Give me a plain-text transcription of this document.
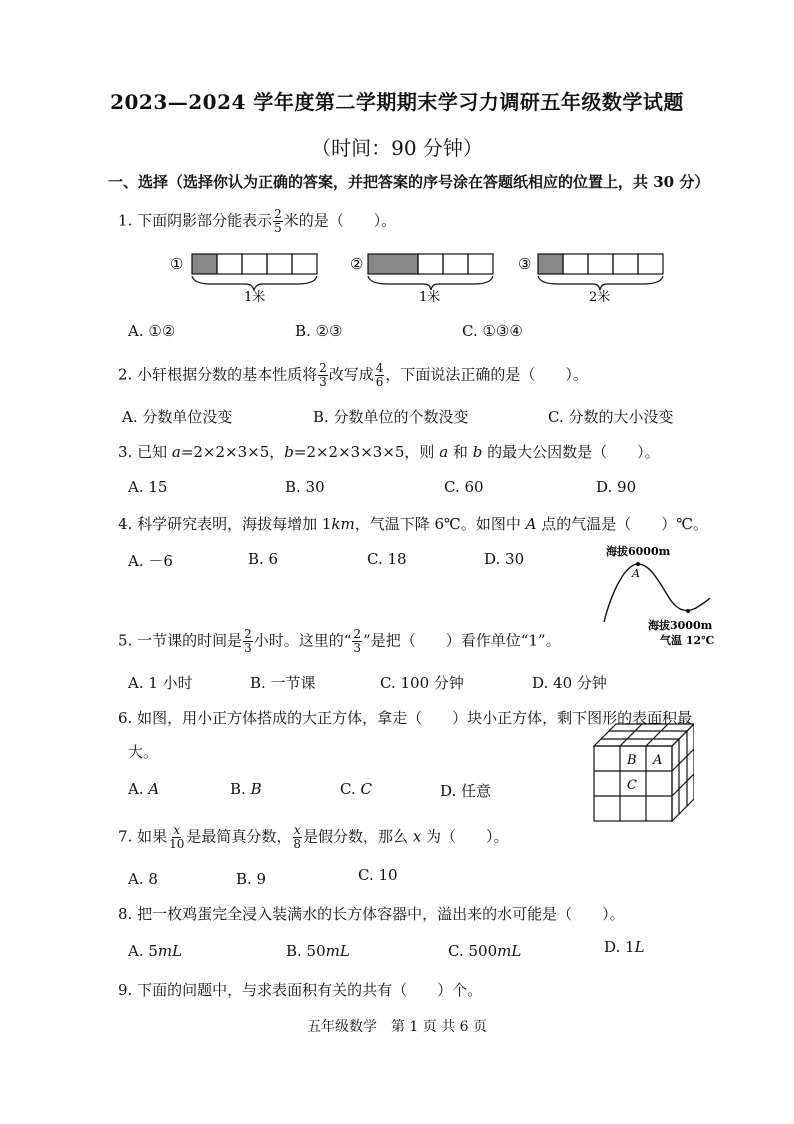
2023—2024 学年度第二学期期末学习力调研五年级数学试题
（时间：90 分钟）
一、选择（选择你认为正确的答案，并把答案的序号涂在答题纸相应的位置上，共 30 分）
1. 下面阴影部分能表示 $\frac{2}{5}$ 米的是（　　）。
①
1米
②
1米
③
2米
A. ①②	B. ②③	C. ①③④
2. 小轩根据分数的基本性质将 $\frac{2}{3}$ 改写成 $\frac{4}{6}$ ，下面说法正确的是（　　）。
A. 分数单位没变	B. 分数单位的个数没变	C. 分数的大小没变
3. 已知 a=2×2×3×5，b=2×2×3×3×5，则 a 和 b 的最大公因数是（　　）。
A. 15	B. 30	C. 60	D. 90
4. 科学研究表明，海拔每增加 1km，气温下降 6℃。如图中 A 点的气温是（　　）℃。
A. －6	B. 6	C. 18	D. 30	海拔6000m
A
海拔3000m
气温 12℃
5. 一节课的时间是 $\frac{2}{3}$ 小时。这里的“ $\frac{2}{3}$ ”是把（　　）看作单位“1”。
A. 1 小时	B. 一节课	C. 100 分钟	D. 40 分钟
6. 如图，用小正方体搭成的大正方体，拿走（　　）块小正方体，剩下图形的表面积最
大。
A. A	B. B	C. C	D. 任意
B A
C
7. 如果 $\frac{x}{10}$ 是最简真分数， $\frac{x}{8}$ 是假分数，那么 x 为（　　）。
A. 8	B. 9	C. 10
8. 把一枚鸡蛋完全浸入装满水的长方体容器中，溢出来的水可能是（　　）。
A. 5mL	B. 50mL	C. 500mL	D. 1L
9. 下面的问题中，与求表面积有关的共有（　　）个。
五年级数学　第 1 页 共 6 页
